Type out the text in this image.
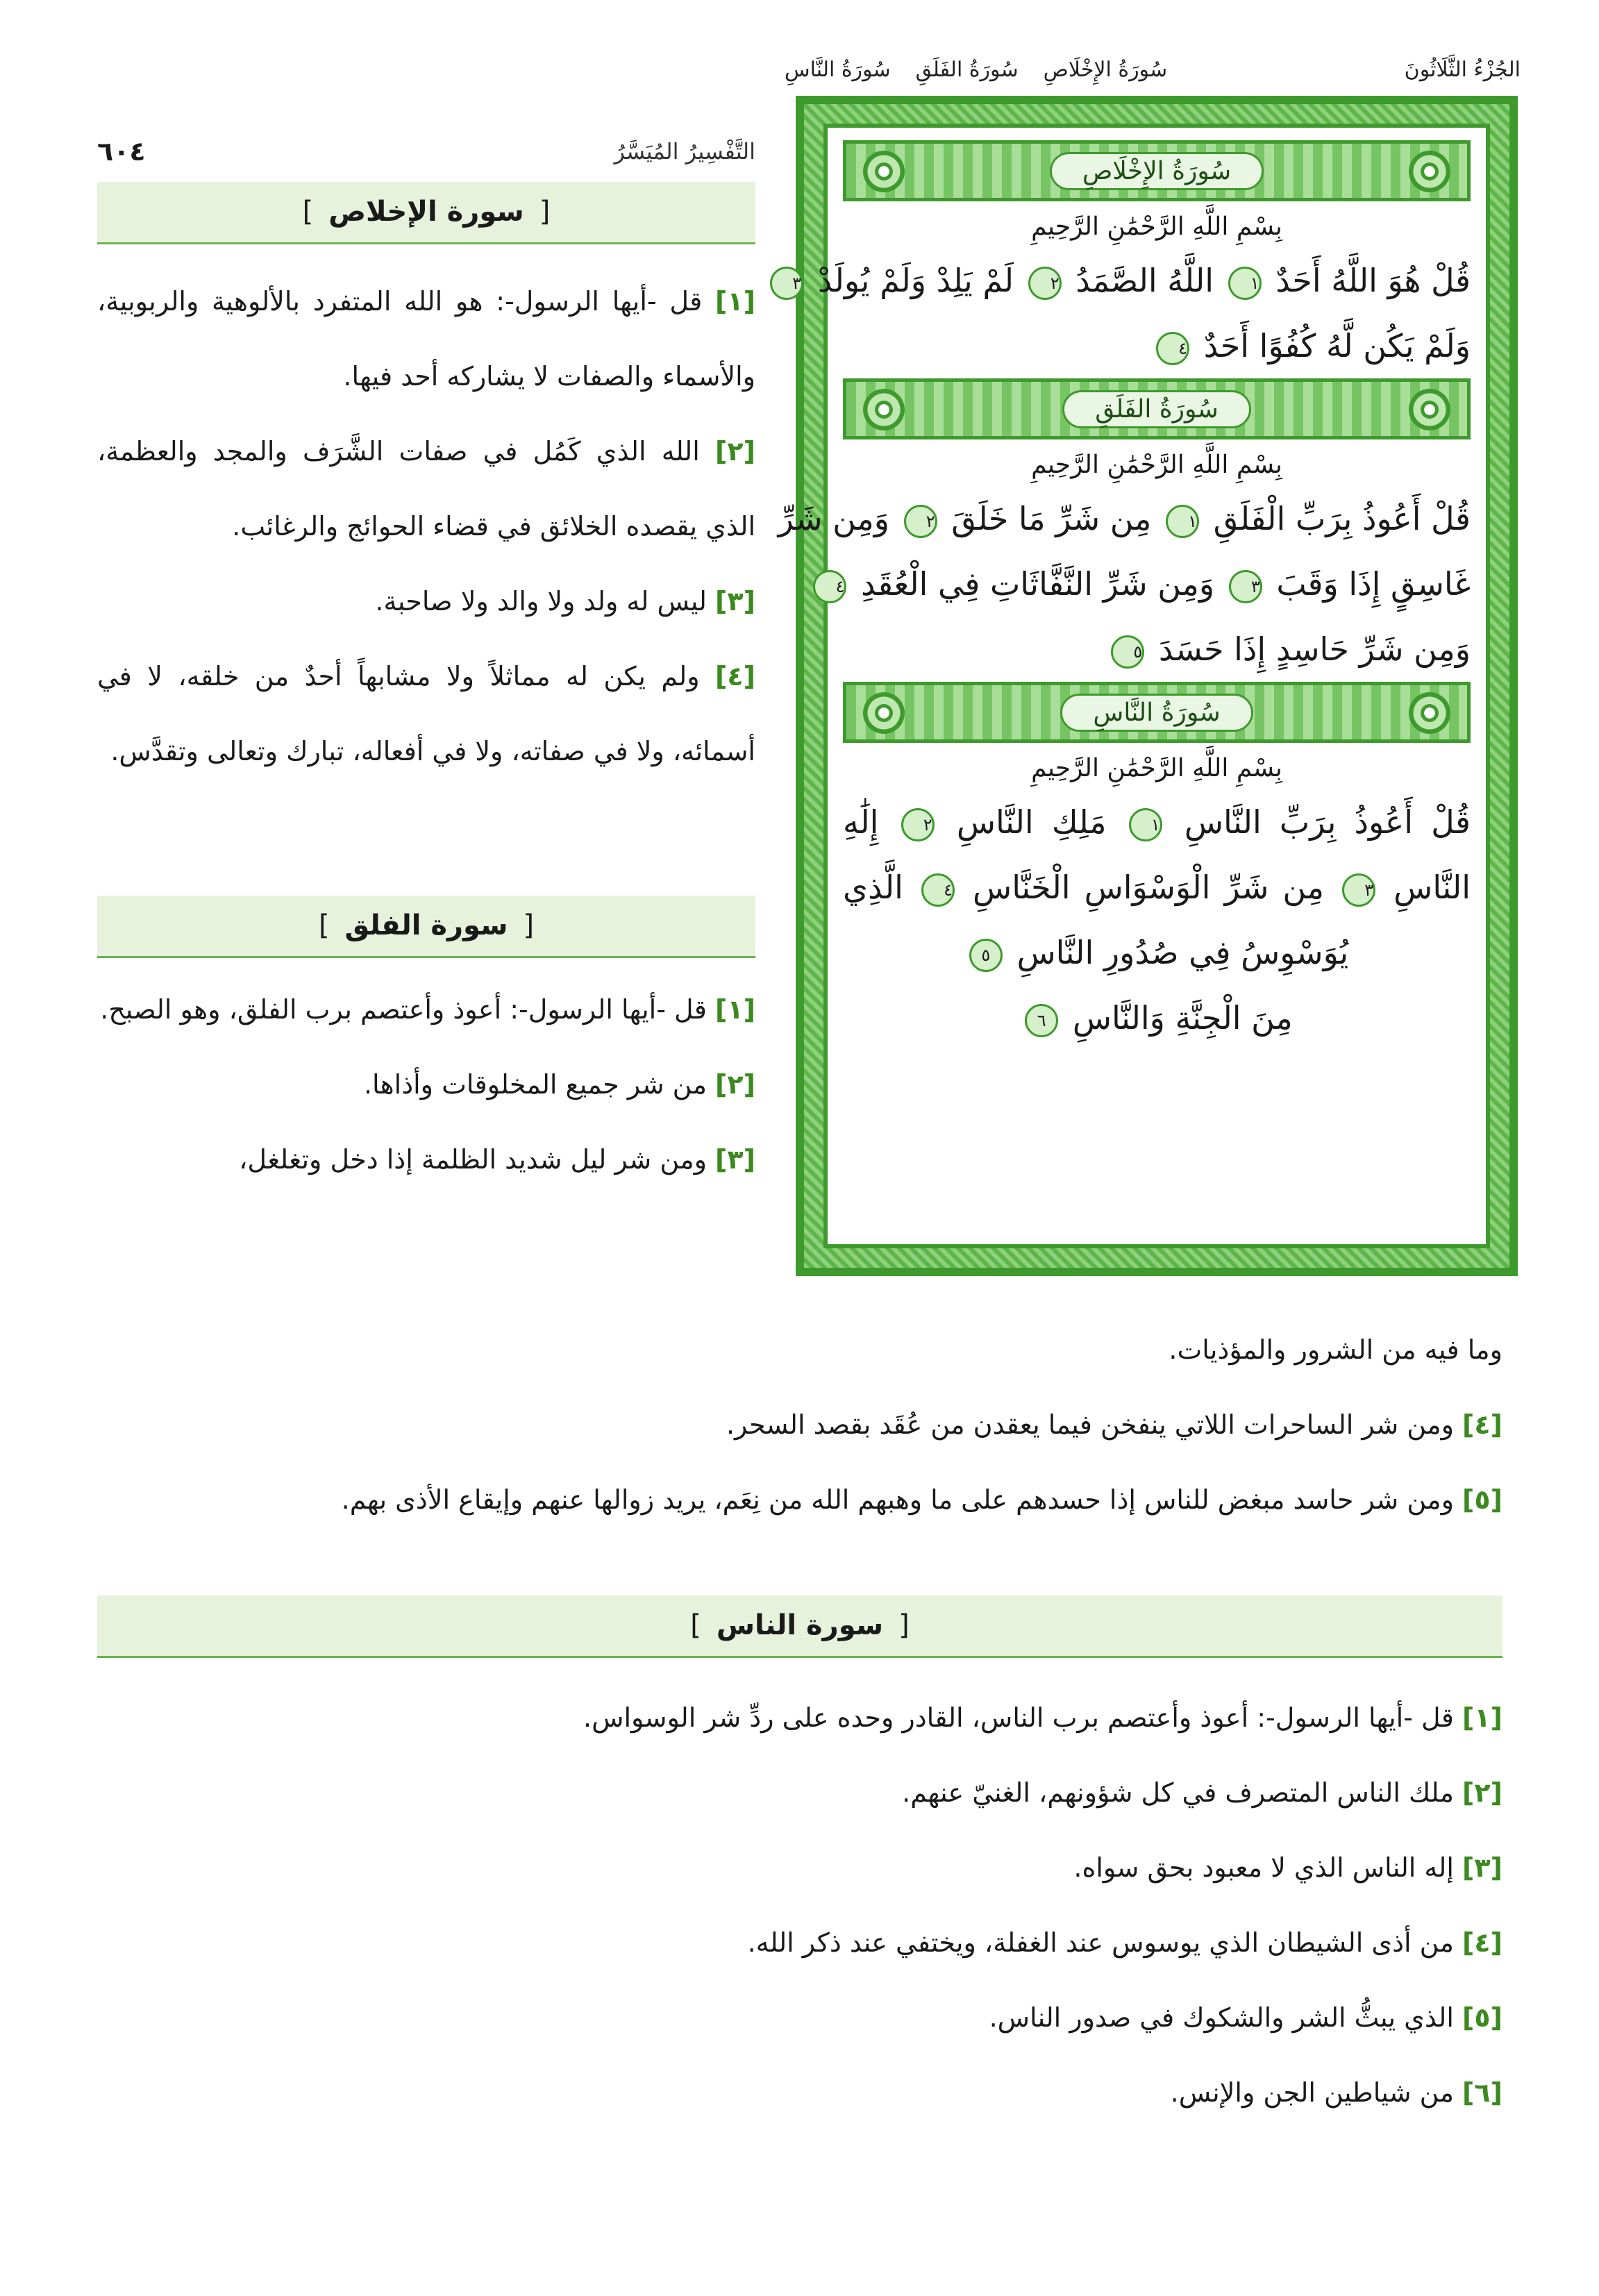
الجُزْءُ الثَّلَاثُونَ
سُورَةُ الإِخْلَاصِ
سُورَةُ الفَلَقِ
سُورَةُ النَّاسِ
سُورَةُ الإِخْلَاصِ
بِسْمِ اللَّهِ الرَّحْمَٰنِ الرَّحِيمِ
قُلْ هُوَ اللَّهُ أَحَدٌ ١ اللَّهُ الصَّمَدُ ٢ لَمْ يَلِدْ وَلَمْ يُولَدْ ٣
وَلَمْ يَكُن لَّهُ كُفُوًا أَحَدٌ ٤
سُورَةُ الفَلَقِ
بِسْمِ اللَّهِ الرَّحْمَٰنِ الرَّحِيمِ
قُلْ أَعُوذُ بِرَبِّ الْفَلَقِ ١ مِن شَرِّ مَا خَلَقَ ٢ وَمِن شَرِّ
غَاسِقٍ إِذَا وَقَبَ ٣ وَمِن شَرِّ النَّفَّاثَاتِ فِي الْعُقَدِ ٤
وَمِن شَرِّ حَاسِدٍ إِذَا حَسَدَ ٥
سُورَةُ النَّاسِ
بِسْمِ اللَّهِ الرَّحْمَٰنِ الرَّحِيمِ
قُلْ أَعُوذُ بِرَبِّ النَّاسِ ١ مَلِكِ النَّاسِ ٢ إِلَٰهِ
النَّاسِ ٣ مِن شَرِّ الْوَسْوَاسِ الْخَنَّاسِ ٤ الَّذِي
يُوَسْوِسُ فِي صُدُورِ النَّاسِ ٥
مِنَ الْجِنَّةِ وَالنَّاسِ ٦
٦٠٤	التَّفْسِيرُ المُيَسَّرُ
[سورة الإخلاص]

[١] قل -أيها الرسول-: هو الله المتفرد بالألوهية والربوبية، والأسماء والصفات لا يشاركه أحد فيها.

[٢] الله الذي كَمُل في صفات الشَّرَف والمجد والعظمة، الذي يقصده الخلائق في قضاء الحوائج والرغائب.

[٣] ليس له ولد ولا والد ولا صاحبة.

[٤] ولم يكن له مماثلاً ولا مشابهاً أحدٌ من خلقه، لا في أسمائه، ولا في صفاته، ولا في أفعاله، تبارك وتعالى وتقدَّس.

[سورة الفلق]

[١] قل -أيها الرسول-: أعوذ وأعتصم برب الفلق، وهو الصبح.

[٢] من شر جميع المخلوقات وأذاها.

[٣] ومن شر ليل شديد الظلمة إذا دخل وتغلغل،

وما فيه من الشرور والمؤذيات.

[٤] ومن شر الساحرات اللاتي ينفخن فيما يعقدن من عُقَد بقصد السحر.

[٥] ومن شر حاسد مبغض للناس إذا حسدهم على ما وهبهم الله من نِعَم، يريد زوالها عنهم وإيقاع الأذى بهم.

[سورة الناس]

[١] قل -أيها الرسول-: أعوذ وأعتصم برب الناس، القادر وحده على ردِّ شر الوسواس.

[٢] ملك الناس المتصرف في كل شؤونهم، الغنيّ عنهم.

[٣] إله الناس الذي لا معبود بحق سواه.

[٤] من أذى الشيطان الذي يوسوس عند الغفلة، ويختفي عند ذكر الله.

[٥] الذي يبثُّ الشر والشكوك في صدور الناس.

[٦] من شياطين الجن والإنس.
